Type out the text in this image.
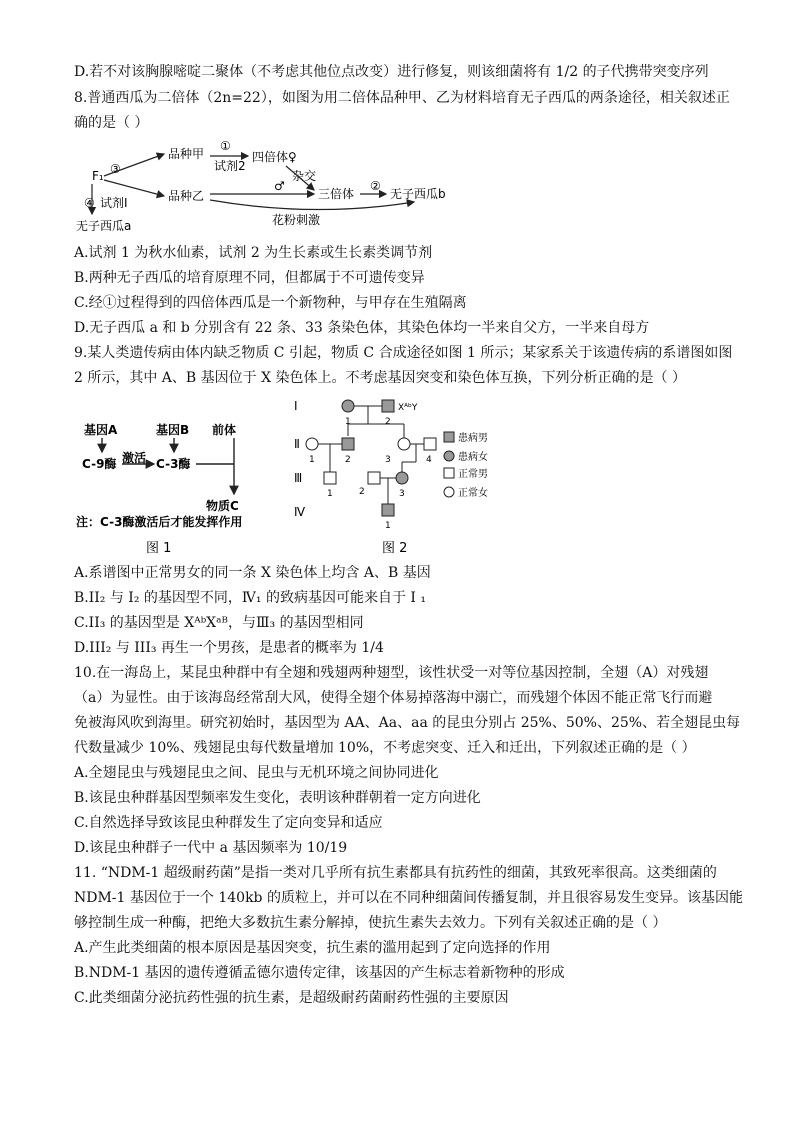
D.若不对该胸腺嘧啶二聚体（不考虑其他位点改变）进行修复，则该细菌将有 1/2 的子代携带突变序列
8.普通西瓜为二倍体（2n=22），如图为用二倍体品种甲、乙为材料培育无子西瓜的两条途径，相关叙述正
确的是（ ）
F₁ ③
④ 试剂Ⅰ
无子西瓜a
品种甲
品种乙
①
试剂2
四倍体♀
杂交
♂
三倍体
②
无子西瓜b
花粉刺激
A.试剂 1 为秋水仙素，试剂 2 为生长素或生长素类调节剂
B.两种无子西瓜的培育原理不同，但都属于不可遗传变异
C.经①过程得到的四倍体西瓜是一个新物种，与甲存在生殖隔离
D.无子西瓜 a 和 b 分别含有 22 条、33 条染色体，其染色体均一半来自父方，一半来自母方
9.某人类遗传病由体内缺乏物质 C 引起，物质 C 合成途径如图 1 所示；某家系关于该遗传病的系谱图如图
2 所示，其中 A、B 基因位于 X 染色体上。不考虑基因突变和染色体互换，下列分析正确的是（ ）
基因A	基因B 前体
C-9酶 激活 C-3酶
物质C
注：C-3酶激活后才能发挥作用
图 1
Ⅰ
Ⅱ
Ⅲ
Ⅳ
XᴬᵇY
1	2
1	2	3	4
1	2	3
1
患病男
患病女
正常男
正常女
图 2
A.系谱图中正常男女的同一条 X 染色体上均含 A、B 基因
B.II₂ 与 I₂ 的基因型不同，Ⅳ₁ 的致病基因可能来自于 I ₁
C.II₃ 的基因型是 XᴬᵇXᵃᴮ，与Ⅲ₃ 的基因型相同
D.III₂ 与 III₃ 再生一个男孩，是患者的概率为 1/4
10.在一海岛上，某昆虫种群中有全翅和残翅两种翅型，该性状受一对等位基因控制，全翅（A）对残翅
（a）为显性。由于该海岛经常刮大风，使得全翅个体易掉落海中溺亡，而残翅个体因不能正常飞行而避
免被海风吹到海里。研究初始时，基因型为 AA、Aa、aa 的昆虫分别占 25%、50%、25%、若全翅昆虫每
代数量减少 10%、残翅昆虫每代数量增加 10%，不考虑突变、迁入和迁出，下列叙述正确的是（ ）
A.全翅昆虫与残翅昆虫之间、昆虫与无机环境之间协同进化
B.该昆虫种群基因型频率发生变化，表明该种群朝着一定方向进化
C.自然选择导致该昆虫种群发生了定向变异和适应
D.该昆虫种群子一代中 a 基因频率为 10/19
11. “NDM-1 超级耐药菌”是指一类对几乎所有抗生素都具有抗药性的细菌，其致死率很高。这类细菌的
NDM-1 基因位于一个 140kb 的质粒上，并可以在不同种细菌间传播复制，并且很容易发生变异。该基因能
够控制生成一种酶，把绝大多数抗生素分解掉，使抗生素失去效力。下列有关叙述正确的是（ ）
A.产生此类细菌的根本原因是基因突变，抗生素的滥用起到了定向选择的作用
B.NDM-1 基因的遗传遵循孟德尔遗传定律，该基因的产生标志着新物种的形成
C.此类细菌分泌抗药性强的抗生素，是超级耐药菌耐药性强的主要原因
